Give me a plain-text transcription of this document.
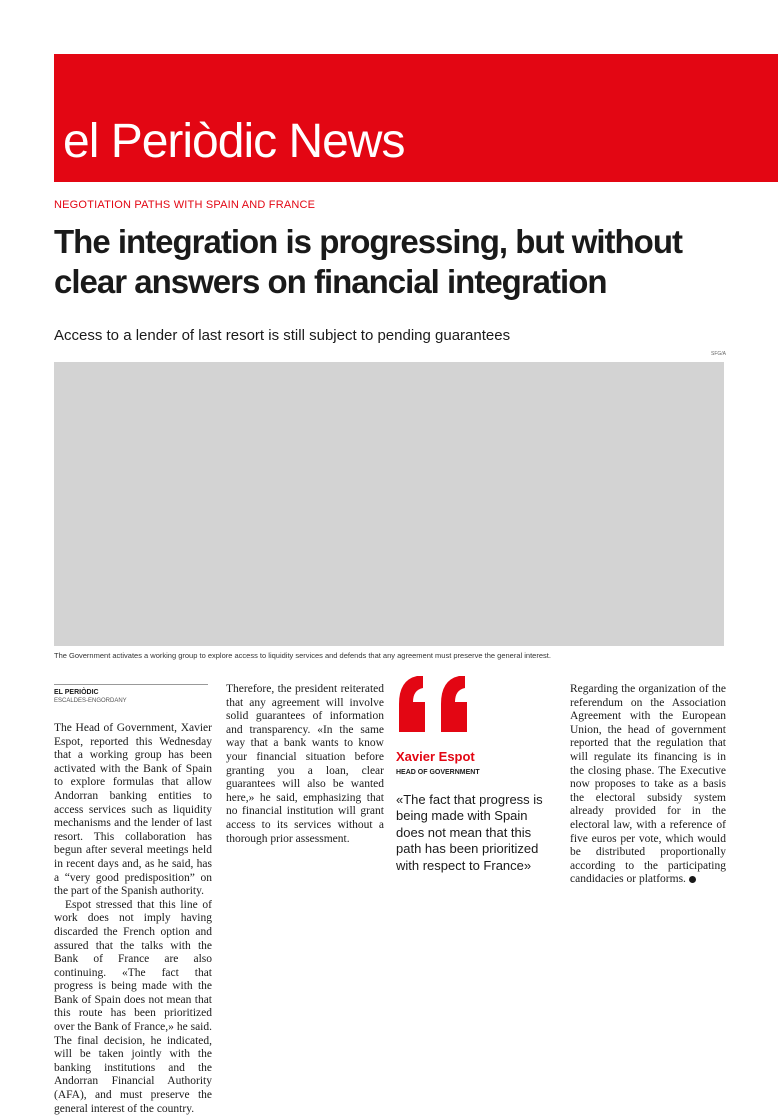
el Periòdic News
NEGOTIATION PATHS WITH SPAIN AND FRANCE
The integration is progressing, but without clear answers on financial integration
Access to a lender of last resort is still subject to pending guarantees
SFG/A
The Government activates a working group to explore access to liquidity services and defends that any agreement must preserve the general interest.
EL PERIÒDIC
ESCALDES-ENGORDANY

The Head of Government, Xavier Espot, reported this Wednesday that a working group has been activated with the Bank of Spain to explore formulas that allow Andorran banking entities to access services such as liquidity mechanisms and the lender of last resort. This collaboration has begun after several meetings held in recent days and, as he said, has a “very good predisposition” on the part of the Spanish authority.

Espot stressed that this line of work does not imply having discarded the French option and assured that the talks with the Bank of France are also continuing. «The fact that progress is being made with the Bank of Spain does not mean that this route has been prioritized over the Bank of France,» he said. The final decision, he indicated, will be taken jointly with the banking institutions and the Andorran Financial Authority (AFA), and must preserve the general interest of the country.

Therefore, the president reiterated that any agreement will involve solid guarantees of information and transparency. «In the same way that a bank wants to know your financial situation before granting you a loan, clear guarantees will also be wanted here,» he said, emphasizing that no financial institution will grant access to its services without a thorough prior assessment.

Xavier Espot
HEAD OF GOVERNMENT

«The fact that progress is being made with Spain does not mean that this path has been prioritized with respect to France»

Regarding the organization of the referendum on the Association Agreement with the European Union, the head of government reported that the regulation that will regulate its financing is in the closing phase. The Executive now proposes to take as a basis the electoral subsidy system already provided for in the electoral law, with a reference of five euros per vote, which would be distributed proportionally according to the participating candidacies or platforms.
